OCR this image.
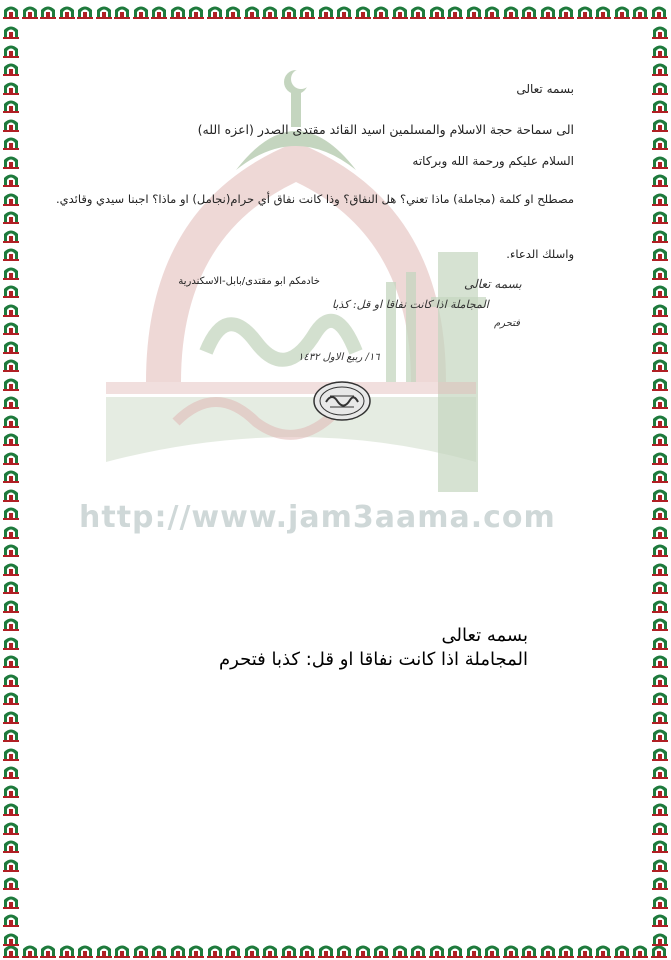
http://www.jam3aama.com
بسمه تعالى
الى سماحة حجة الاسلام والمسلمين اسيد القائد مقتدى الصدر (اعزه الله)
السلام عليكم ورحمة الله وبركاته
مصطلح او كلمة (مجاملة) ماذا تعني؟ هل النفاق؟ وذا كانت نفاق أي حرام(نجامل) او ماذا؟ اجبنا سيدي وقائدي.
واسلك الدعاء.
خادمكم ابو مقتدى/بابل-الاسكندرية	بسمه تعالى
المجاملة اذا كانت نفاقا او قل: كذبا
فتحرم
١٦/ ربيع الاول ١٤٣٢
بسمه تعالى
المجاملة اذا كانت نفاقا او قل: كذبا فتحرم
